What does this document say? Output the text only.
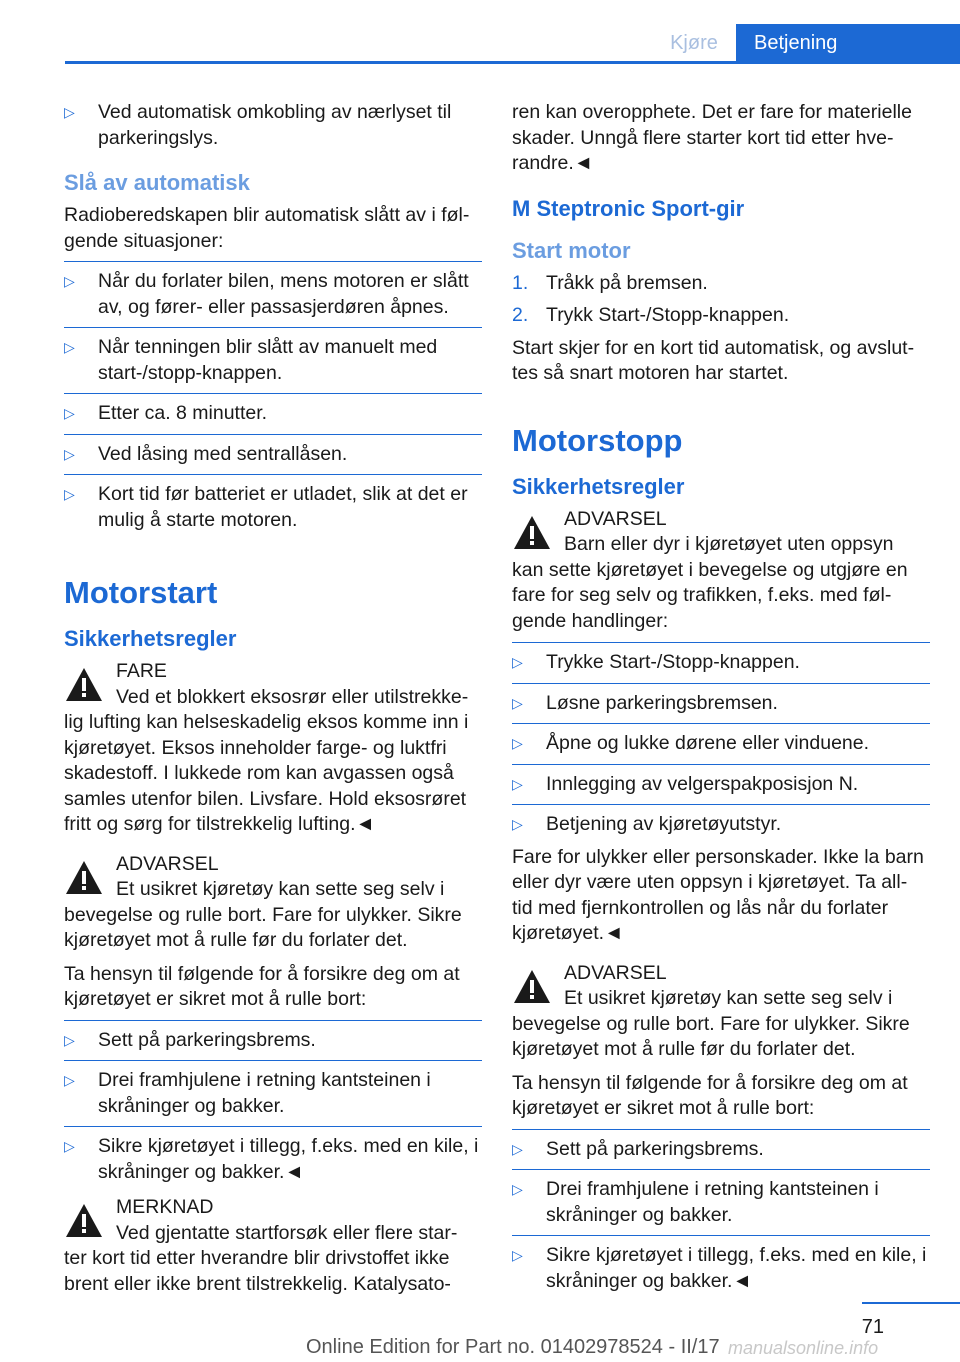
Kjøre	Betjening
▷ Ved automatisk omkobling av nærlyset til parkeringslys.
Slå av automatisk

Radioberedskapen blir automatisk slått av i føl- gende situasjoner:

▷ Når du forlater bilen, mens motoren er slått av, og fører- eller passasjerdøren åpnes.
▷ Når tenningen blir slått av manuelt med start-/stopp-knappen.
▷ Etter ca. 8 minutter.
▷ Ved låsing med sentrallåsen.
▷ Kort tid før batteriet er utladet, slik at det er mulig å starte motoren.
Motorstart
Sikkerhetsregler
FARE
Ved et blokkert eksosrør eller utilstrekke- lig lufting kan helseskadelig eksos komme inn i kjøretøyet. Eksos inneholder farge- og luktfri skadestoff. I lukkede rom kan avgassen også samles utenfor bilen. Livsfare. Hold eksosrøret fritt og sørg for tilstrekkelig lufting.◄
ADVARSEL
Et usikret kjøretøy kan sette seg selv i bevegelse og rulle bort. Fare for ulykker. Sikre kjøretøyet mot å rulle før du forlater det.

Ta hensyn til følgende for å forsikre deg om at kjøretøyet er sikret mot å rulle bort:

▷ Sett på parkeringsbrems.
▷ Drei framhjulene i retning kantsteinen i skråninger og bakker.
▷ Sikre kjøretøyet i tillegg, f.eks. med en kile, i skråninger og bakker.◄
MERKNAD
Ved gjentatte startforsøk eller flere star- ter kort tid etter hverandre blir drivstoffet ikke brent eller ikke brent tilstrekkelig. Katalysato-

ren kan overopphete. Det er fare for materielle skader. Unngå flere starter kort tid etter hve- randre.◄

M Steptronic Sport-gir
Start motor
1. Tråkk på bremsen.
2. Trykk Start-/Stopp-knappen.

Start skjer for en kort tid automatisk, og avslut- tes så snart motoren har startet.

Motorstopp
Sikkerhetsregler
ADVARSEL
Barn eller dyr i kjøretøyet uten oppsyn kan sette kjøretøyet i bevegelse og utgjøre en fare for seg selv og trafikken, f.eks. med føl- gende handlinger:
▷ Trykke Start-/Stopp-knappen.
▷ Løsne parkeringsbremsen.
▷ Åpne og lukke dørene eller vinduene.
▷ Innlegging av velgerspakposisjon N.
▷ Betjening av kjøretøyutstyr.

Fare for ulykker eller personskader. Ikke la barn eller dyr være uten oppsyn i kjøretøyet. Ta all- tid med fjernkontrollen og lås når du forlater kjøretøyet.◄

ADVARSEL
Et usikret kjøretøy kan sette seg selv i bevegelse og rulle bort. Fare for ulykker. Sikre kjøretøyet mot å rulle før du forlater det.

Ta hensyn til følgende for å forsikre deg om at kjøretøyet er sikret mot å rulle bort:

▷ Sett på parkeringsbrems.
▷ Drei framhjulene i retning kantsteinen i skråninger og bakker.
▷ Sikre kjøretøyet i tillegg, f.eks. med en kile, i skråninger og bakker.◄
71
Online Edition for Part no. 01402978524 - II/17 manualsonline.info
